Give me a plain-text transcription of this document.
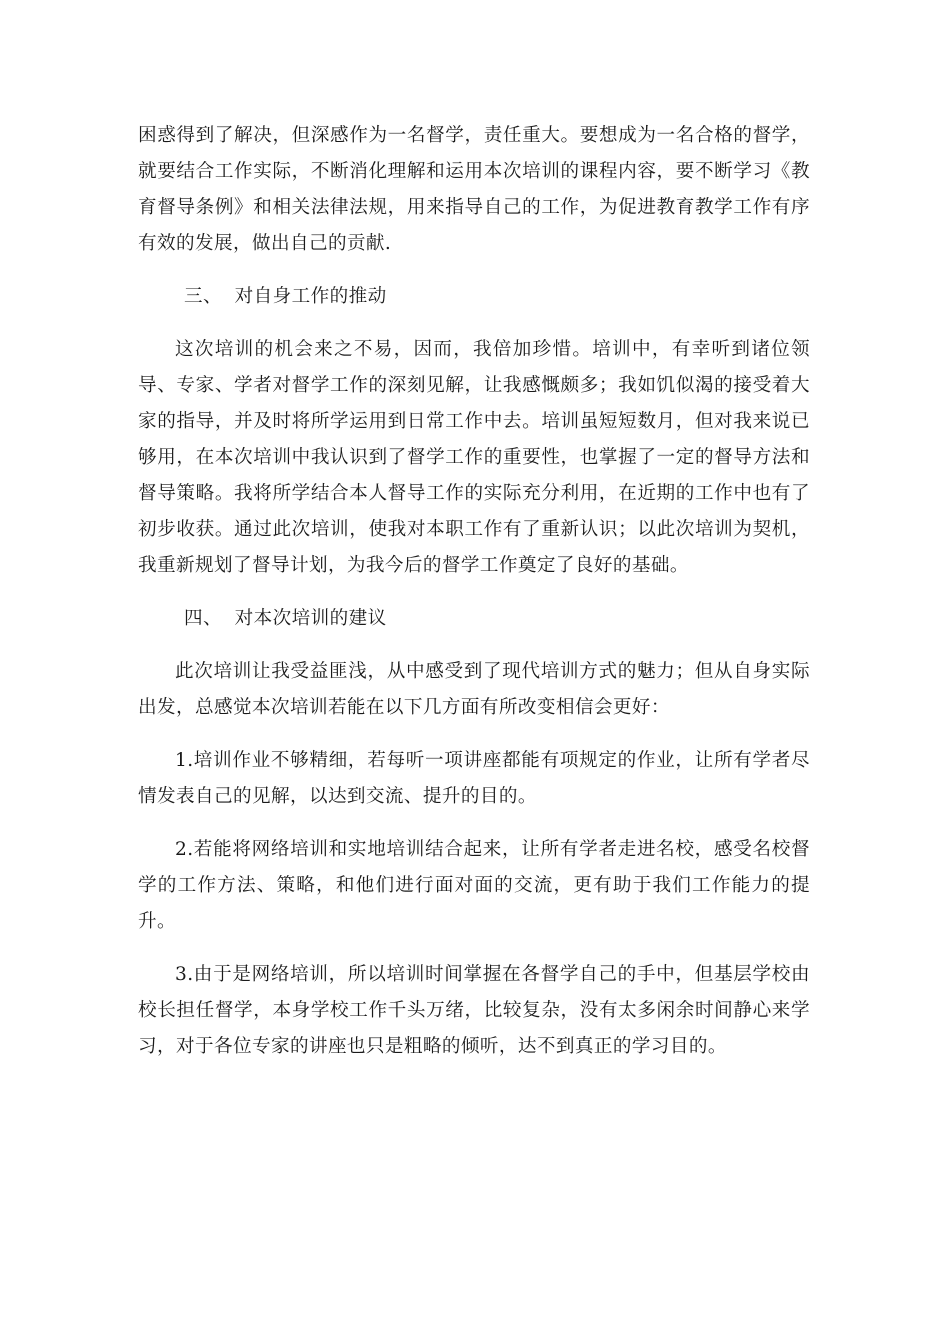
困惑得到了解决，但深感作为一名督学，责任重大。要想成为一名合格的督学，就要结合工作实际，不断消化理解和运用本次培训的课程内容，要不断学习《教育督导条例》和相关法律法规，用来指导自己的工作，为促进教育教学工作有序有效的发展，做出自己的贡献.

三、  对自身工作的推动

这次培训的机会来之不易，因而，我倍加珍惜。培训中，有幸听到诸位领导、专家、学者对督学工作的深刻见解，让我感慨颇多；我如饥似渴的接受着大家的指导，并及时将所学运用到日常工作中去。培训虽短短数月，但对我来说已够用，在本次培训中我认识到了督学工作的重要性，也掌握了一定的督导方法和督导策略。我将所学结合本人督导工作的实际充分利用，在近期的工作中也有了初步收获。通过此次培训，使我对本职工作有了重新认识；以此次培训为契机，我重新规划了督导计划，为我今后的督学工作奠定了良好的基础。

四、  对本次培训的建议

此次培训让我受益匪浅，从中感受到了现代培训方式的魅力；但从自身实际出发，总感觉本次培训若能在以下几方面有所改变相信会更好：

1.培训作业不够精细，若每听一项讲座都能有项规定的作业，让所有学者尽情发表自己的见解，以达到交流、提升的目的。

2.若能将网络培训和实地培训结合起来，让所有学者走进名校，感受名校督学的工作方法、策略，和他们进行面对面的交流，更有助于我们工作能力的提升。

3.由于是网络培训，所以培训时间掌握在各督学自己的手中，但基层学校由校长担任督学，本身学校工作千头万绪，比较复杂，没有太多闲余时间静心来学习，对于各位专家的讲座也只是粗略的倾听，达不到真正的学习目的。
